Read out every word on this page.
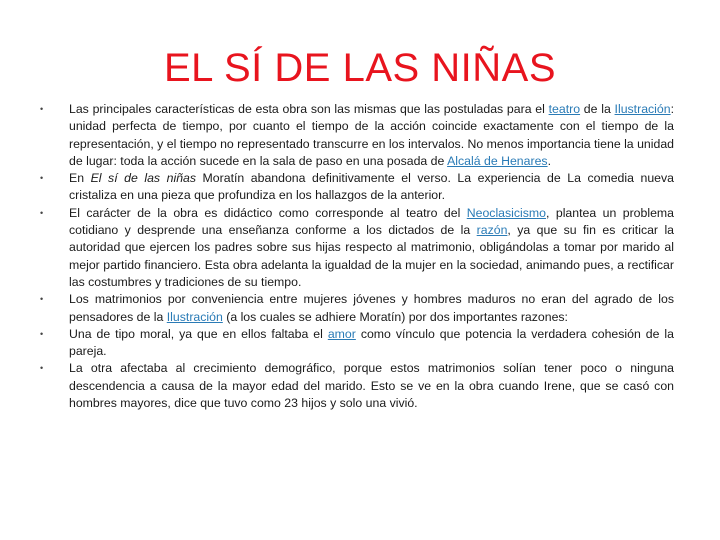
EL SÍ DE LAS NIÑAS
• Las principales características de esta obra son las mismas que las postuladas para el teatro de la Ilustración: unidad perfecta de tiempo, por cuanto el tiempo de la acción coincide exactamente con el tiempo de la representación, y el tiempo no representado transcurre en los intervalos. No menos importancia tiene la unidad de lugar: toda la acción sucede en la sala de paso en una posada de Alcalá de Henares.
• En El sí de las niñas Moratín abandona definitivamente el verso. La experiencia de La comedia nueva cristaliza en una pieza que profundiza en los hallazgos de la anterior.
• El carácter de la obra es didáctico como corresponde al teatro del Neoclasicismo, plantea un problema cotidiano y desprende una enseñanza conforme a los dictados de la razón, ya que su fin es criticar la autoridad que ejercen los padres sobre sus hijas respecto al matrimonio, obligándolas a tomar por marido al mejor partido financiero. Esta obra adelanta la igualdad de la mujer en la sociedad, animando pues, a rectificar las costumbres y tradiciones de su tiempo.
• Los matrimonios por conveniencia entre mujeres jóvenes y hombres maduros no eran del agrado de los pensadores de la Ilustración (a los cuales se adhiere Moratín) por dos importantes razones:
• Una de tipo moral, ya que en ellos faltaba el amor como vínculo que potencia la verdadera cohesión de la pareja.
• La otra afectaba al crecimiento demográfico, porque estos matrimonios solían tener poco o ninguna descendencia a causa de la mayor edad del marido. Esto se ve en la obra cuando Irene, que se casó con hombres mayores, dice que tuvo como 23 hijos y solo una vivió.
